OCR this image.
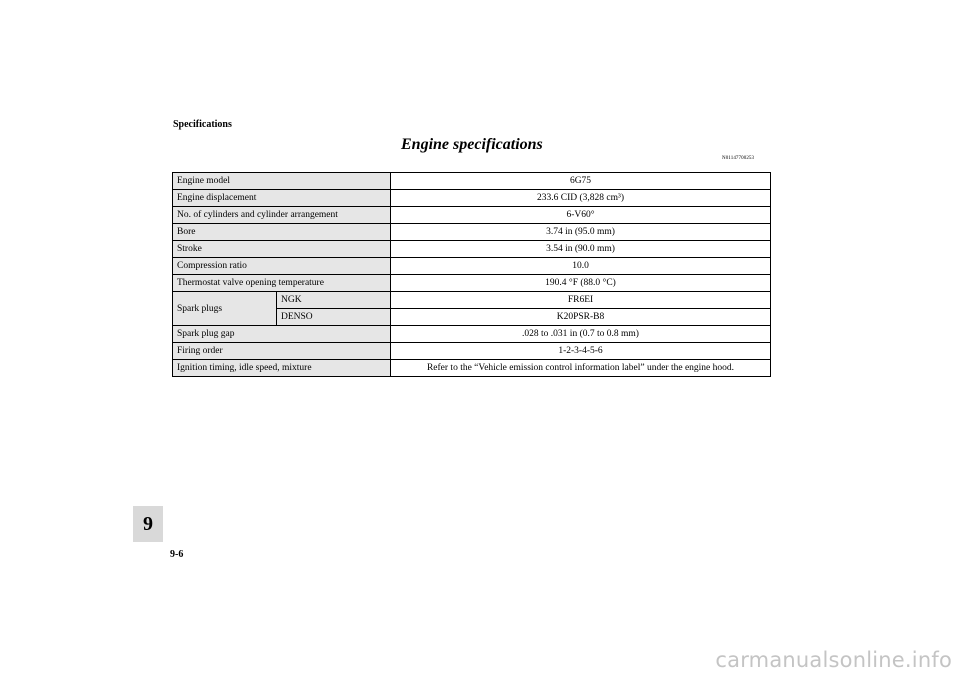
Specifications
Engine specifications
N01147700253
Engine model		6G75
Engine displacement		233.6 CID (3,828 cm³)
No. of cylinders and cylinder arrangement		6-V60°
Bore		3.74 in (95.0 mm)
Stroke		3.54 in (90.0 mm)
Compression ratio		10.0
Thermostat valve opening temperature		190.4 °F (88.0 °C)
Spark plugs	NGK	FR6EI
	DENSO	K20PSR-B8
Spark plug gap		.028 to .031 in (0.7 to 0.8 mm)
Firing order		1-2-3-4-5-6
Ignition timing, idle speed, mixture		Refer to the “Vehicle emission control information label” under the engine hood.
9
9-6
carmanualsonline.info
